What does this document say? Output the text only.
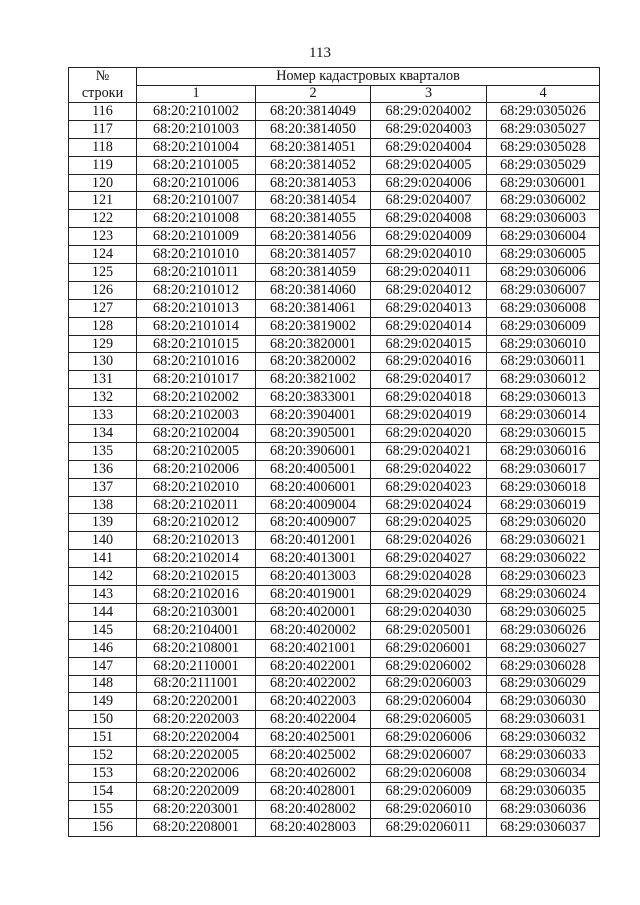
113
№
строки	Номер кадастровых кварталов			
	1	2	3	4
116	68:20:2101002	68:20:3814049	68:29:0204002	68:29:0305026
117	68:20:2101003	68:20:3814050	68:29:0204003	68:29:0305027
118	68:20:2101004	68:20:3814051	68:29:0204004	68:29:0305028
119	68:20:2101005	68:20:3814052	68:29:0204005	68:29:0305029
120	68:20:2101006	68:20:3814053	68:29:0204006	68:29:0306001
121	68:20:2101007	68:20:3814054	68:29:0204007	68:29:0306002
122	68:20:2101008	68:20:3814055	68:29:0204008	68:29:0306003
123	68:20:2101009	68:20:3814056	68:29:0204009	68:29:0306004
124	68:20:2101010	68:20:3814057	68:29:0204010	68:29:0306005
125	68:20:2101011	68:20:3814059	68:29:0204011	68:29:0306006
126	68:20:2101012	68:20:3814060	68:29:0204012	68:29:0306007
127	68:20:2101013	68:20:3814061	68:29:0204013	68:29:0306008
128	68:20:2101014	68:20:3819002	68:29:0204014	68:29:0306009
129	68:20:2101015	68:20:3820001	68:29:0204015	68:29:0306010
130	68:20:2101016	68:20:3820002	68:29:0204016	68:29:0306011
131	68:20:2101017	68:20:3821002	68:29:0204017	68:29:0306012
132	68:20:2102002	68:20:3833001	68:29:0204018	68:29:0306013
133	68:20:2102003	68:20:3904001	68:29:0204019	68:29:0306014
134	68:20:2102004	68:20:3905001	68:29:0204020	68:29:0306015
135	68:20:2102005	68:20:3906001	68:29:0204021	68:29:0306016
136	68:20:2102006	68:20:4005001	68:29:0204022	68:29:0306017
137	68:20:2102010	68:20:4006001	68:29:0204023	68:29:0306018
138	68:20:2102011	68:20:4009004	68:29:0204024	68:29:0306019
139	68:20:2102012	68:20:4009007	68:29:0204025	68:29:0306020
140	68:20:2102013	68:20:4012001	68:29:0204026	68:29:0306021
141	68:20:2102014	68:20:4013001	68:29:0204027	68:29:0306022
142	68:20:2102015	68:20:4013003	68:29:0204028	68:29:0306023
143	68:20:2102016	68:20:4019001	68:29:0204029	68:29:0306024
144	68:20:2103001	68:20:4020001	68:29:0204030	68:29:0306025
145	68:20:2104001	68:20:4020002	68:29:0205001	68:29:0306026
146	68:20:2108001	68:20:4021001	68:29:0206001	68:29:0306027
147	68:20:2110001	68:20:4022001	68:29:0206002	68:29:0306028
148	68:20:2111001	68:20:4022002	68:29:0206003	68:29:0306029
149	68:20:2202001	68:20:4022003	68:29:0206004	68:29:0306030
150	68:20:2202003	68:20:4022004	68:29:0206005	68:29:0306031
151	68:20:2202004	68:20:4025001	68:29:0206006	68:29:0306032
152	68:20:2202005	68:20:4025002	68:29:0206007	68:29:0306033
153	68:20:2202006	68:20:4026002	68:29:0206008	68:29:0306034
154	68:20:2202009	68:20:4028001	68:29:0206009	68:29:0306035
155	68:20:2203001	68:20:4028002	68:29:0206010	68:29:0306036
156	68:20:2208001	68:20:4028003	68:29:0206011	68:29:0306037
